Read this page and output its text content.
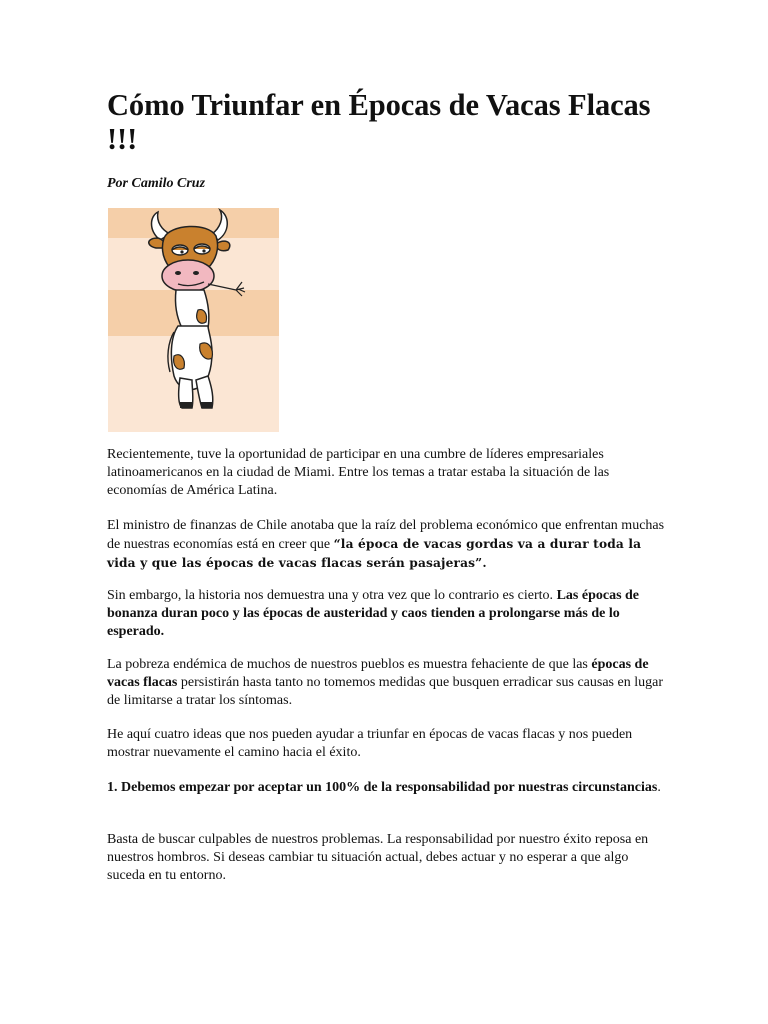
Cómo Triunfar en Épocas de Vacas Flacas !!!

Por Camilo Cruz

Recientemente, tuve la oportunidad de participar en una cumbre de líderes empresariales latinoamericanos en la ciudad de Miami. Entre los temas a tratar estaba la situación de las economías de América Latina.

El ministro de finanzas de Chile anotaba que la raíz del problema económico que enfrentan muchas de nuestras economías está en creer que “la época de vacas gordas va a durar toda la vida y que las épocas de vacas flacas serán pasajeras”.

Sin embargo, la historia nos demuestra una y otra vez que lo contrario es cierto. Las épocas de bonanza duran poco y las épocas de austeridad y caos tienden a prolongarse más de lo esperado.

La pobreza endémica de muchos de nuestros pueblos es muestra fehaciente de que las épocas de vacas flacas persistirán hasta tanto no tomemos medidas que busquen erradicar sus causas en lugar de limitarse a tratar los síntomas.

He aquí cuatro ideas que nos pueden ayudar a triunfar en épocas de vacas flacas y nos pueden mostrar nuevamente el camino hacia el éxito.

1. Debemos empezar por aceptar un 100% de la responsabilidad por nuestras circunstancias.

Basta de buscar culpables de nuestros problemas. La responsabilidad por nuestro éxito reposa en nuestros hombros. Si deseas cambiar tu situación actual, debes actuar y no esperar a que algo suceda en tu entorno.
